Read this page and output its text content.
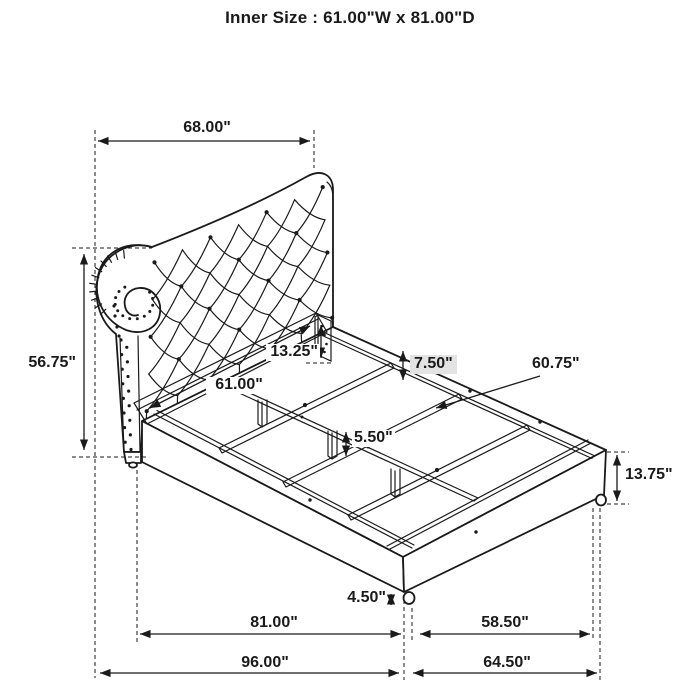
Inner Size : 61.00"W x 81.00"D
68.00"
56.75"
61.00"
13.25"
7.50"	60.75"
5.50"
13.75"
4.50"
81.00"	58.50"
96.00"	64.50"
